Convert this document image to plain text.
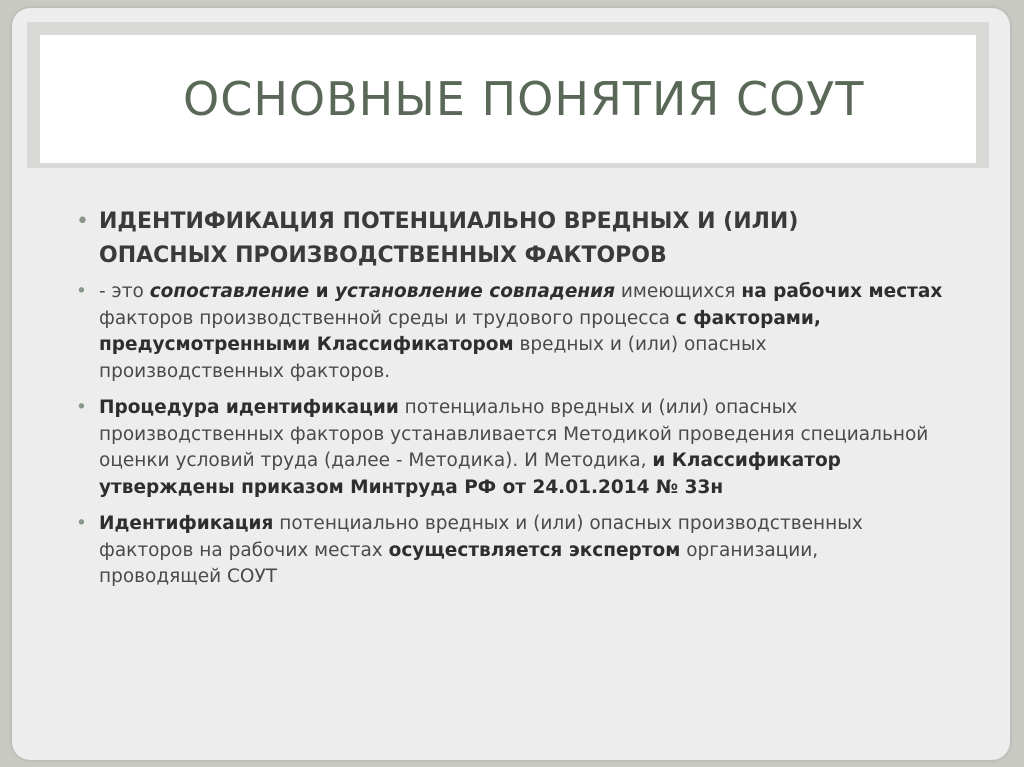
ОСНОВНЫЕ ПОНЯТИЯ СОУТ
• ИДЕНТИФИКАЦИЯ ПОТЕНЦИАЛЬНО ВРЕДНЫХ И (ИЛИ)
ОПАСНЫХ ПРОИЗВОДСТВЕННЫХ ФАКТОРОВ
• - это сопоставление и установление совпадения имеющихся на рабочих местах факторов производственной среды и трудового процесса с факторами, предусмотренными Классификатором вредных и (или) опасных производственных факторов.
• Процедура идентификации потенциально вредных и (или) опасных производственных факторов устанавливается Методикой проведения специальной оценки условий труда (далее - Методика). И Методика, и Классификатор утверждены приказом Минтруда РФ от 24.01.2014 № 33н
• Идентификация потенциально вредных и (или) опасных производственных факторов на рабочих местах осуществляется экспертом организации, проводящей СОУТ
